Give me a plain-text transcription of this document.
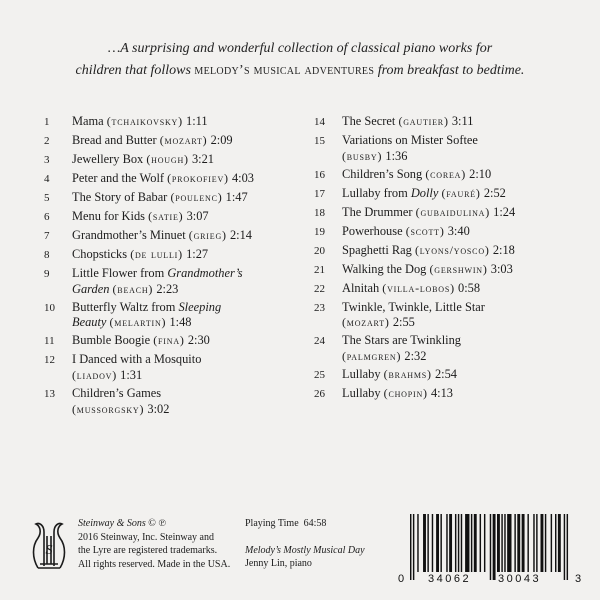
…A surprising and wonderful collection of classical piano works for
children that follows melody’s musical adventures from breakfast to bedtime.
1	Mama (tchaikovsky) 1:11
2	Bread and Butter (mozart) 2:09
3	Jewellery Box (hough) 3:21
4	Peter and the Wolf (prokofiev) 4:03
5	The Story of Babar (poulenc) 1:47
6	Menu for Kids (satie) 3:07
7	Grandmother’s Minuet (grieg) 2:14
8	Chopsticks (de lulli) 1:27
9	Little Flower from Grandmother’s
Garden (beach) 2:23
10	Butterfly Waltz from Sleeping
Beauty (melartin) 1:48
11	Bumble Boogie (fina) 2:30
12	I Danced with a Mosquito
(liadov) 1:31
13	Children’s Games
(mussorgsky) 3:02
14	The Secret (gautier) 3:11
15	Variations on Mister Softee
(busby) 1:36
16	Children’s Song (corea) 2:10
17	Lullaby from Dolly (fauré) 2:52
18	The Drummer (gubaidulina) 1:24
19	Powerhouse (scott) 3:40
20	Spaghetti Rag (lyons/yosco) 2:18
21	Walking the Dog (gershwin) 3:03
22	Alnitah (villa-lobos) 0:58
23	Twinkle, Twinkle, Little Star
(mozart) 2:55
24	The Stars are Twinkling
(palmgren) 2:32
25	Lullaby (brahms) 2:54
26	Lullaby (chopin) 4:13
S
Steinway & Sons © ℗
2016 Steinway, Inc. Steinway and
the Lyre are registered trademarks.
All rights reserved. Made in the USA.
Playing Time 64:58
Melody’s Mostly Musical Day
Jenny Lin, piano
0 34062 30043	3
